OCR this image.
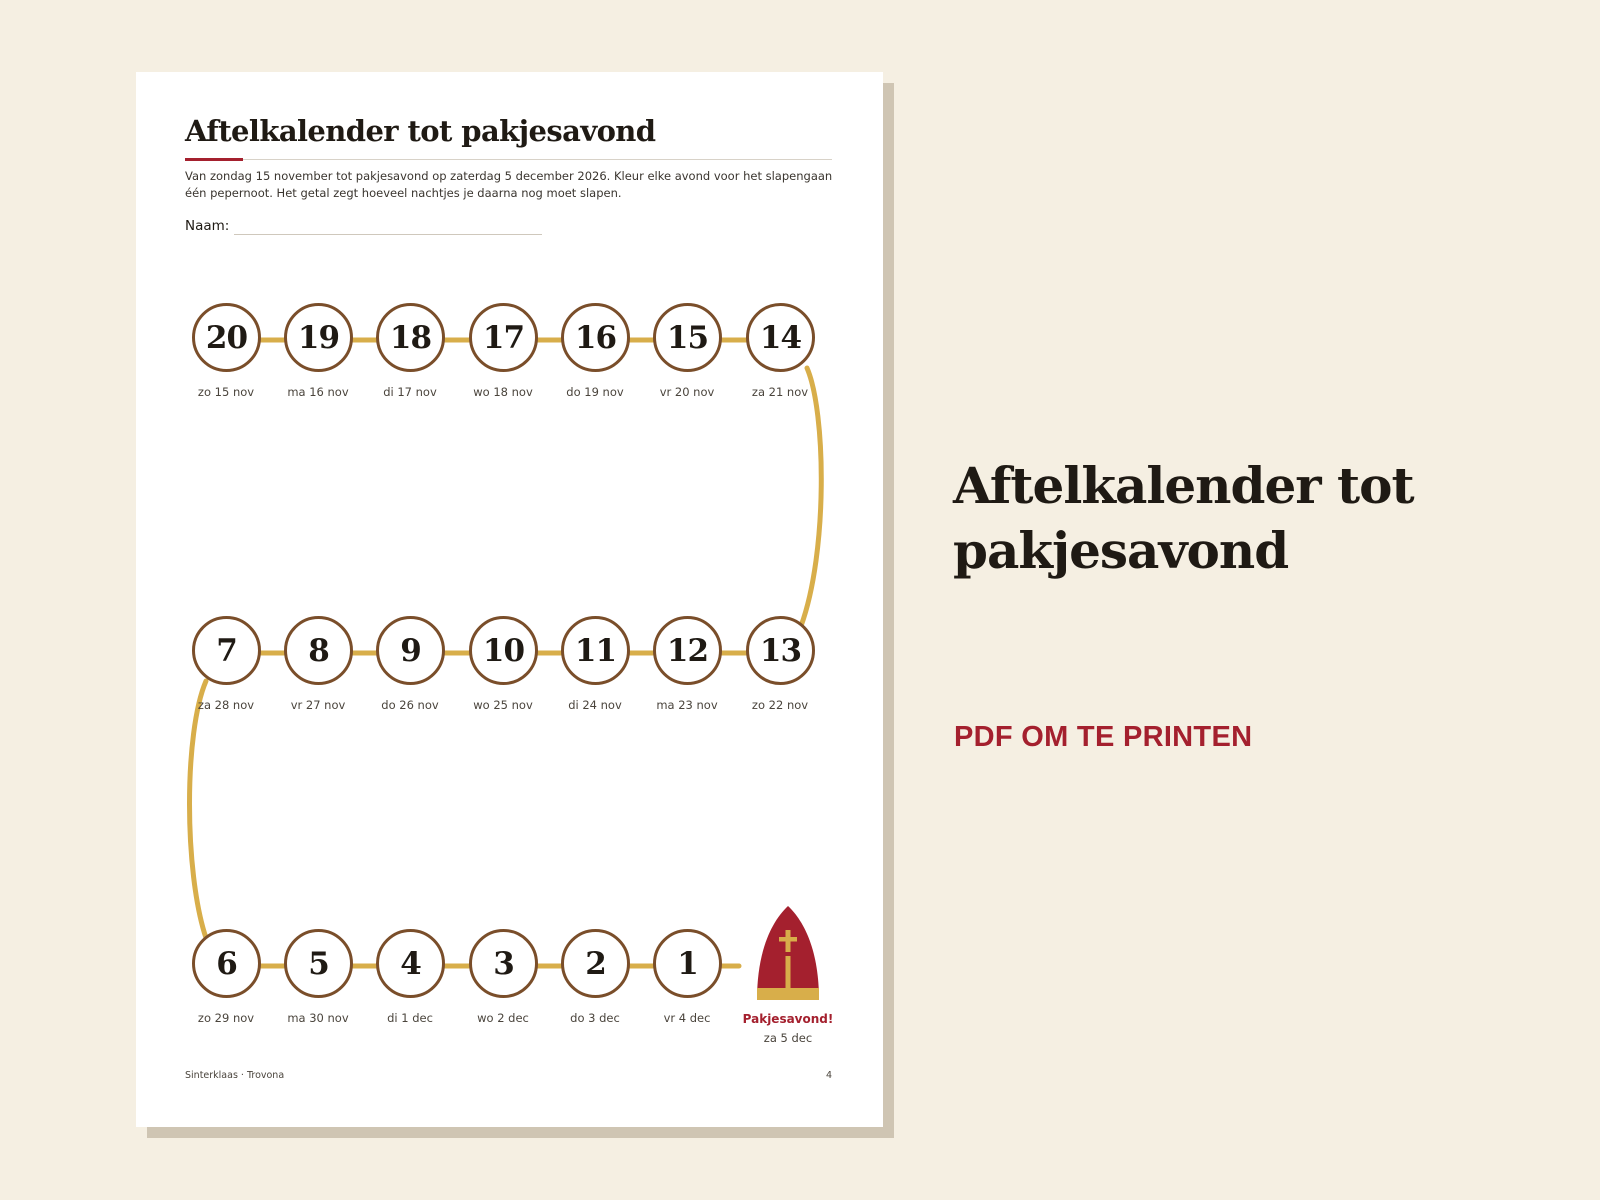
Aftelkalender tot pakjesavond

Van zondag 15 november tot pakjesavond op zaterdag 5 december 2026. Kleur elke avond voor het slapengaan één pepernoot. Het getal zegt hoeveel nachtjes je daarna nog moet slapen.

Naam:
20	19	18	17	16	15	14
zo 15 nov	ma 16 nov	di 17 nov	wo 18 nov	do 19 nov	vr 20 nov	za 21 nov
7	8	9	10	11	12	13
za 28 nov	vr 27 nov	do 26 nov	wo 25 nov	di 24 nov	ma 23 nov	zo 22 nov
6	5	4	3	2	1
zo 29 nov	ma 30 nov	di 1 dec	wo 2 dec	do 3 dec	vr 4 dec	Pakjesavond!
za 5 dec
Sinterklaas · Trovona	4
Aftelkalender tot pakjesavond
PDF OM TE PRINTEN
